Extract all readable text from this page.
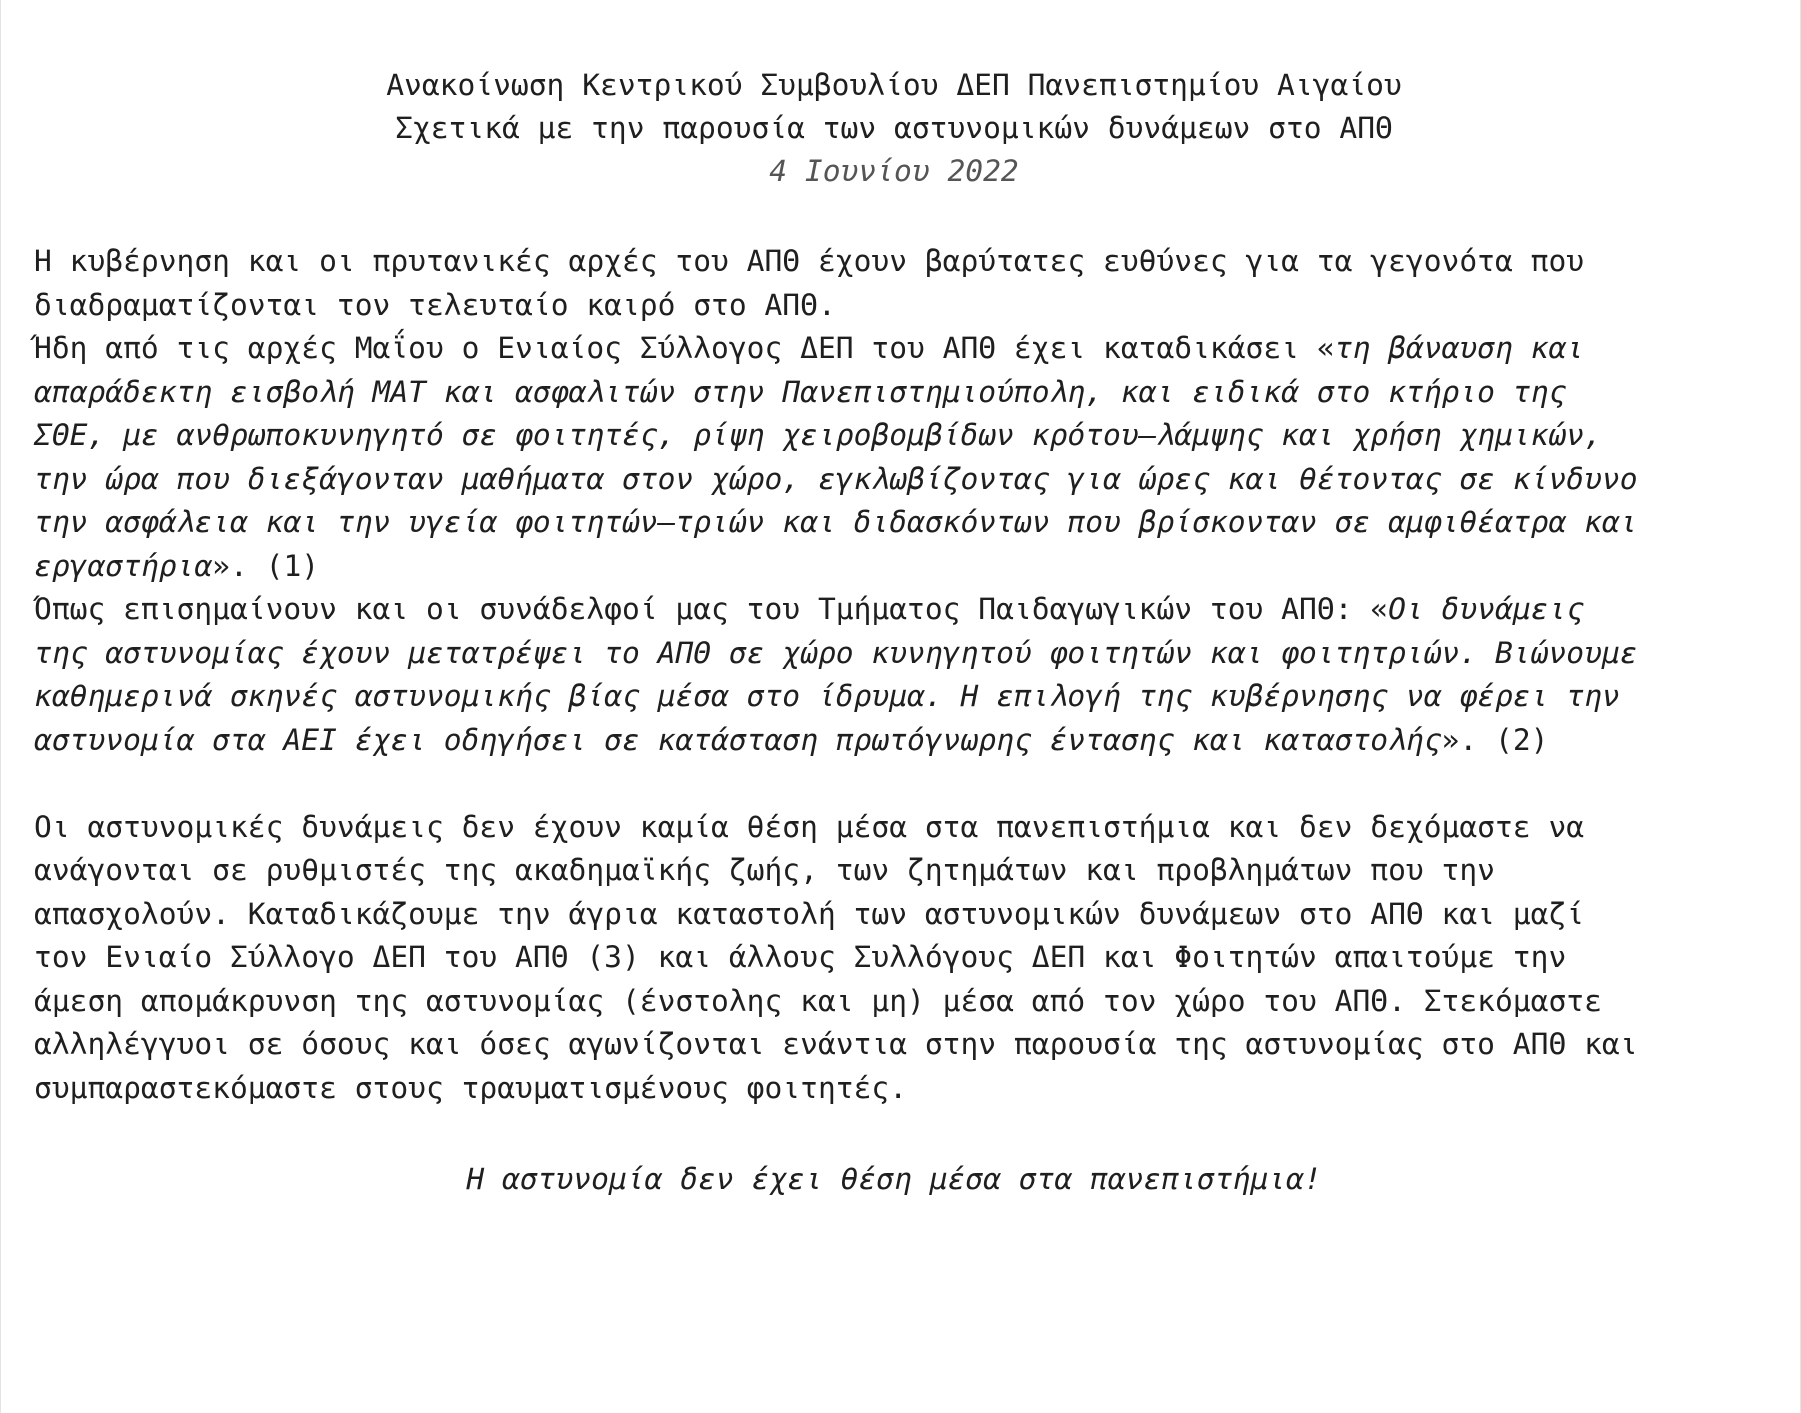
Ανακοίνωση Κεντρικού Συμβουλίου ΔΕΠ Πανεπιστημίου Αιγαίου
Σχετικά με την παρουσία των αστυνομικών δυνάμεων στο ΑΠΘ
4 Ιουνίου 2022
Η κυβέρνηση και οι πρυτανικές αρχές του ΑΠΘ έχουν βαρύτατες ευθύνες για τα γεγονότα που
διαδραματίζονται τον τελευταίο καιρό στο ΑΠΘ.
Ήδη από τις αρχές Μαΐου ο Ενιαίος Σύλλογος ΔΕΠ του ΑΠΘ έχει καταδικάσει «τη βάναυση και
απαράδεκτη εισβολή ΜΑΤ και ασφαλιτών στην Πανεπιστημιούπολη, και ειδικά στο κτήριο της
ΣΘΕ, με ανθρωποκυνηγητό σε φοιτητές, ρίψη χειροβομβίδων κρότου–λάμψης και χρήση χημικών,
την ώρα που διεξάγονταν μαθήματα στον χώρο, εγκλωβίζοντας για ώρες και θέτοντας σε κίνδυνο
την ασφάλεια και την υγεία φοιτητών–τριών και διδασκόντων που βρίσκονταν σε αμφιθέατρα και
εργαστήρια». (1)
Όπως επισημαίνουν και οι συνάδελφοί μας του Τμήματος Παιδαγωγικών του ΑΠΘ: «Οι δυνάμεις
της αστυνομίας έχουν μετατρέψει το ΑΠΘ σε χώρο κυνηγητού φοιτητών και φοιτητριών. Βιώνουμε
καθημερινά σκηνές αστυνομικής βίας μέσα στο ίδρυμα. Η επιλογή της κυβέρνησης να φέρει την
αστυνομία στα ΑΕΙ έχει οδηγήσει σε κατάσταση πρωτόγνωρης έντασης και καταστολής». (2)
Οι αστυνομικές δυνάμεις δεν έχουν καμία θέση μέσα στα πανεπιστήμια και δεν δεχόμαστε να
ανάγονται σε ρυθμιστές της ακαδημαϊκής ζωής, των ζητημάτων και προβλημάτων που την
απασχολούν. Καταδικάζουμε την άγρια καταστολή των αστυνομικών δυνάμεων στο ΑΠΘ και μαζί
τον Ενιαίο Σύλλογο ΔΕΠ του ΑΠΘ (3) και άλλους Συλλόγους ΔΕΠ και Φοιτητών απαιτούμε την
άμεση απομάκρυνση της αστυνομίας (ένστολης και μη) μέσα από τον χώρο του ΑΠΘ. Στεκόμαστε
αλληλέγγυοι σε όσους και όσες αγωνίζονται ενάντια στην παρουσία της αστυνομίας στο ΑΠΘ και
συμπαραστεκόμαστε στους τραυματισμένους φοιτητές.
Η αστυνομία δεν έχει θέση μέσα στα πανεπιστήμια!
